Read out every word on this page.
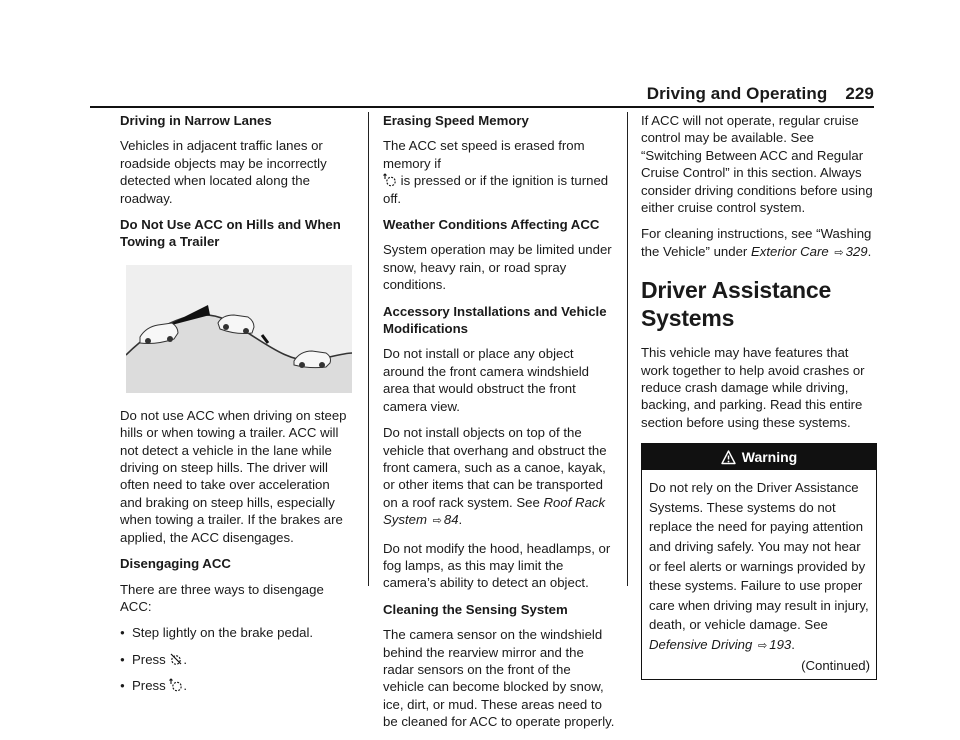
Driving and Operating 229

Driving in Narrow Lanes

Vehicles in adjacent traffic lanes or roadside objects may be incorrectly detected when located along the roadway.

Do Not Use ACC on Hills and When Towing a Trailer

Do not use ACC when driving on steep hills or when towing a trailer. ACC will not detect a vehicle in the lane while driving on steep hills. The driver will often need to take over acceleration and braking on steep hills, especially when towing a trailer. If the brakes are applied, the ACC disengages.

Disengaging ACC

There are three ways to disengage ACC:

● Step lightly on the brake pedal.
● Press .
● Press .

Erasing Speed Memory

The ACC set speed is erased from memory if
is pressed or if the ignition is turned off.

Weather Conditions Affecting ACC

System operation may be limited under snow, heavy rain, or road spray conditions.

Accessory Installations and Vehicle Modifications

Do not install or place any object around the front camera windshield area that would obstruct the front camera view.

Do not install objects on top of the vehicle that overhang and obstruct the front camera, such as a canoe, kayak, or other items that can be transported on a roof rack system. See Roof Rack System ⇨ 84.

Do not modify the hood, headlamps, or fog lamps, as this may limit the camera’s ability to detect an object.

Cleaning the Sensing System

The camera sensor on the windshield behind the rearview mirror and the radar sensors on the front of the vehicle can become blocked by snow, ice, dirt, or mud. These areas need to be cleaned for ACC to operate properly.

If ACC will not operate, regular cruise control may be available. See “Switching Between ACC and Regular Cruise Control” in this section. Always consider driving conditions before using either cruise control system.

For cleaning instructions, see “Washing the Vehicle” under Exterior Care ⇨ 329.

Driver Assistance Systems

This vehicle may have features that work together to help avoid crashes or reduce crash damage while driving, backing, and parking. Read this entire section before using these systems.

Warning
Do not rely on the Driver Assistance Systems. These systems do not replace the need for paying attention and driving safely. You may not hear or feel alerts or warnings provided by these systems. Failure to use proper care when driving may result in injury, death, or vehicle damage. See Defensive Driving ⇨ 193.
(Continued)
